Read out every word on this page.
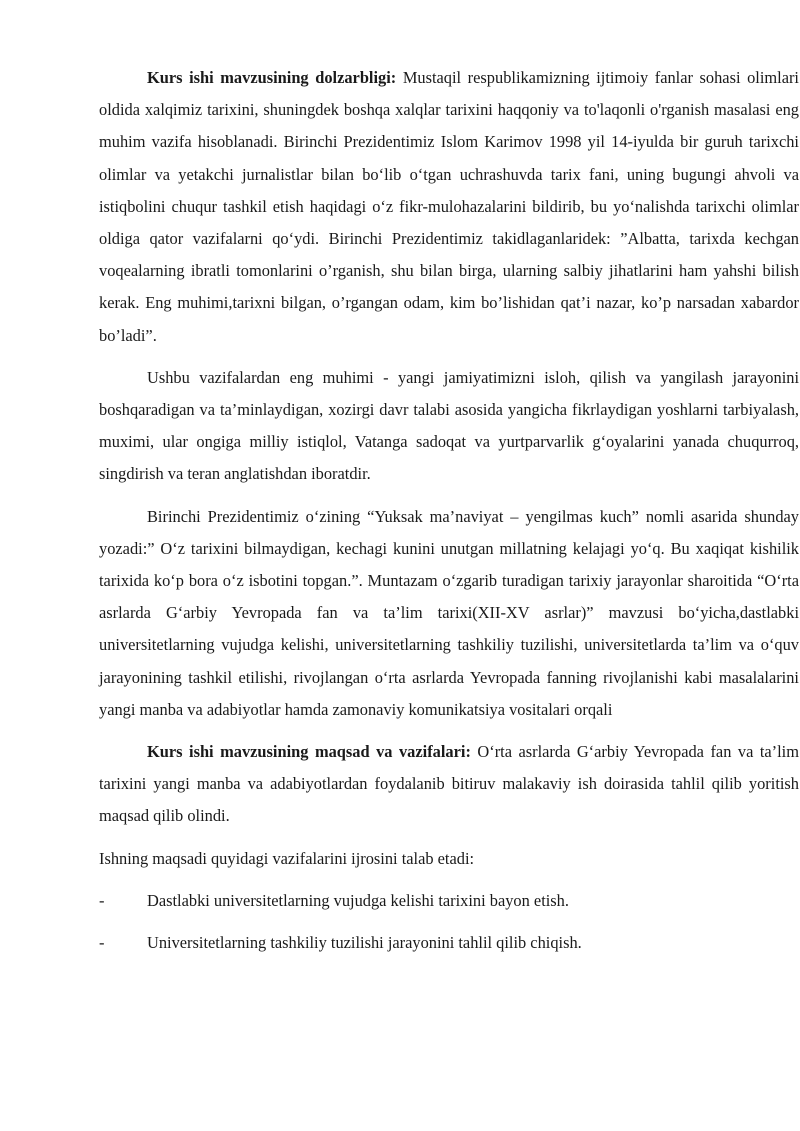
Kurs ishi mavzusining dolzarbligi: Mustaqil respublikamizning ijtimoiy fanlar sohasi olimlari oldida xalqimiz tarixini, shuningdek boshqa xalqlar tarixini haqqoniy va to'laqonli o'rganish masalasi eng muhim vazifa hisoblanadi. Birinchi Prezidentimiz Islom Karimov 1998 yil 14-iyulda bir guruh tarixchi olimlar va yetakchi jurnalistlar bilan bo‘lib o‘tgan uchrashuvda tarix fani, uning bugungi ahvoli va istiqbolini chuqur tashkil etish haqidagi o‘z fikr-mulohazalarini bildirib, bu yo‘nalishda tarixchi olimlar oldiga qator vazifalarni qo‘ydi. Birinchi Prezidentimiz takidlaganlaridek: ”Albatta, tarixda kechgan voqealarning ibratli tomonlarini o’rganish, shu bilan birga, ularning salbiy jihatlarini ham yahshi bilish kerak. Eng muhimi,tarixni bilgan, o’rgangan odam, kim bo’lishidan qat’i nazar, ko’p narsadan xabardor bo’ladi”.

Ushbu vazifalardan eng muhimi - yangi jamiyatimizni isloh, qilish va yangilash jarayonini boshqaradigan va ta’minlaydigan, xozirgi davr talabi asosida yangicha fikrlaydigan yoshlarni tarbiyalash, muximi, ular ongiga milliy istiqlol, Vatanga sadoqat va yurtparvarlik g‘oyalarini yanada chuqurroq, singdirish va teran anglatishdan iboratdir.

Birinchi Prezidentimiz o‘zining “Yuksak ma’naviyat – yengilmas kuch” nomli asarida shunday yozadi:” O‘z tarixini bilmaydigan, kechagi kunini unutgan millatning kelajagi yo‘q. Bu xaqiqat kishilik tarixida ko‘p bora o‘z isbotini topgan.”. Muntazam o‘zgarib turadigan tarixiy jarayonlar sharoitida “O‘rta asrlarda G‘arbiy Yevropada fan va ta’lim tarixi(XII-XV asrlar)” mavzusi bo‘yicha,dastlabki universitetlarning vujudga kelishi, universitetlarning tashkiliy tuzilishi, universitetlarda ta’lim va o‘quv jarayonining tashkil etilishi, rivojlangan o‘rta asrlarda Yevropada fanning rivojlanishi kabi masalalarini yangi manba va adabiyotlar hamda zamonaviy komunikatsiya vositalari orqali

Kurs ishi mavzusining maqsad va vazifalari: O‘rta asrlarda G‘arbiy Yevropada fan va ta’lim tarixini yangi manba va adabiyotlardan foydalanib bitiruv malakaviy ish doirasida tahlil qilib yoritish maqsad qilib olindi.

Ishning maqsadi quyidagi vazifalarini ijrosini talab etadi:

-	Dastlabki universitetlarning vujudga kelishi tarixini bayon etish.
-	Universitetlarning tashkiliy tuzilishi jarayonini tahlil qilib chiqish.
